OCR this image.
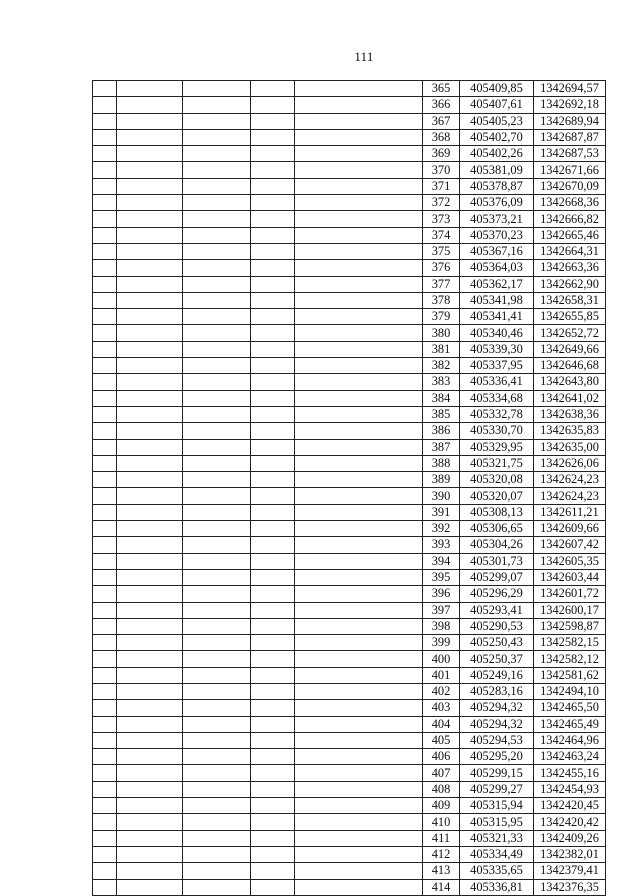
111
					365	405409,85	1342694,57
					366	405407,61	1342692,18
					367	405405,23	1342689,94
					368	405402,70	1342687,87
					369	405402,26	1342687,53
					370	405381,09	1342671,66
					371	405378,87	1342670,09
					372	405376,09	1342668,36
					373	405373,21	1342666,82
					374	405370,23	1342665,46
					375	405367,16	1342664,31
					376	405364,03	1342663,36
					377	405362,17	1342662,90
					378	405341,98	1342658,31
					379	405341,41	1342655,85
					380	405340,46	1342652,72
					381	405339,30	1342649,66
					382	405337,95	1342646,68
					383	405336,41	1342643,80
					384	405334,68	1342641,02
					385	405332,78	1342638,36
					386	405330,70	1342635,83
					387	405329,95	1342635,00
					388	405321,75	1342626,06
					389	405320,08	1342624,23
					390	405320,07	1342624,23
					391	405308,13	1342611,21
					392	405306,65	1342609,66
					393	405304,26	1342607,42
					394	405301,73	1342605,35
					395	405299,07	1342603,44
					396	405296,29	1342601,72
					397	405293,41	1342600,17
					398	405290,53	1342598,87
					399	405250,43	1342582,15
					400	405250,37	1342582,12
					401	405249,16	1342581,62
					402	405283,16	1342494,10
					403	405294,32	1342465,50
					404	405294,32	1342465,49
					405	405294,53	1342464,96
					406	405295,20	1342463,24
					407	405299,15	1342455,16
					408	405299,27	1342454,93
					409	405315,94	1342420,45
					410	405315,95	1342420,42
					411	405321,33	1342409,26
					412	405334,49	1342382,01
					413	405335,65	1342379,41
					414	405336,81	1342376,35
